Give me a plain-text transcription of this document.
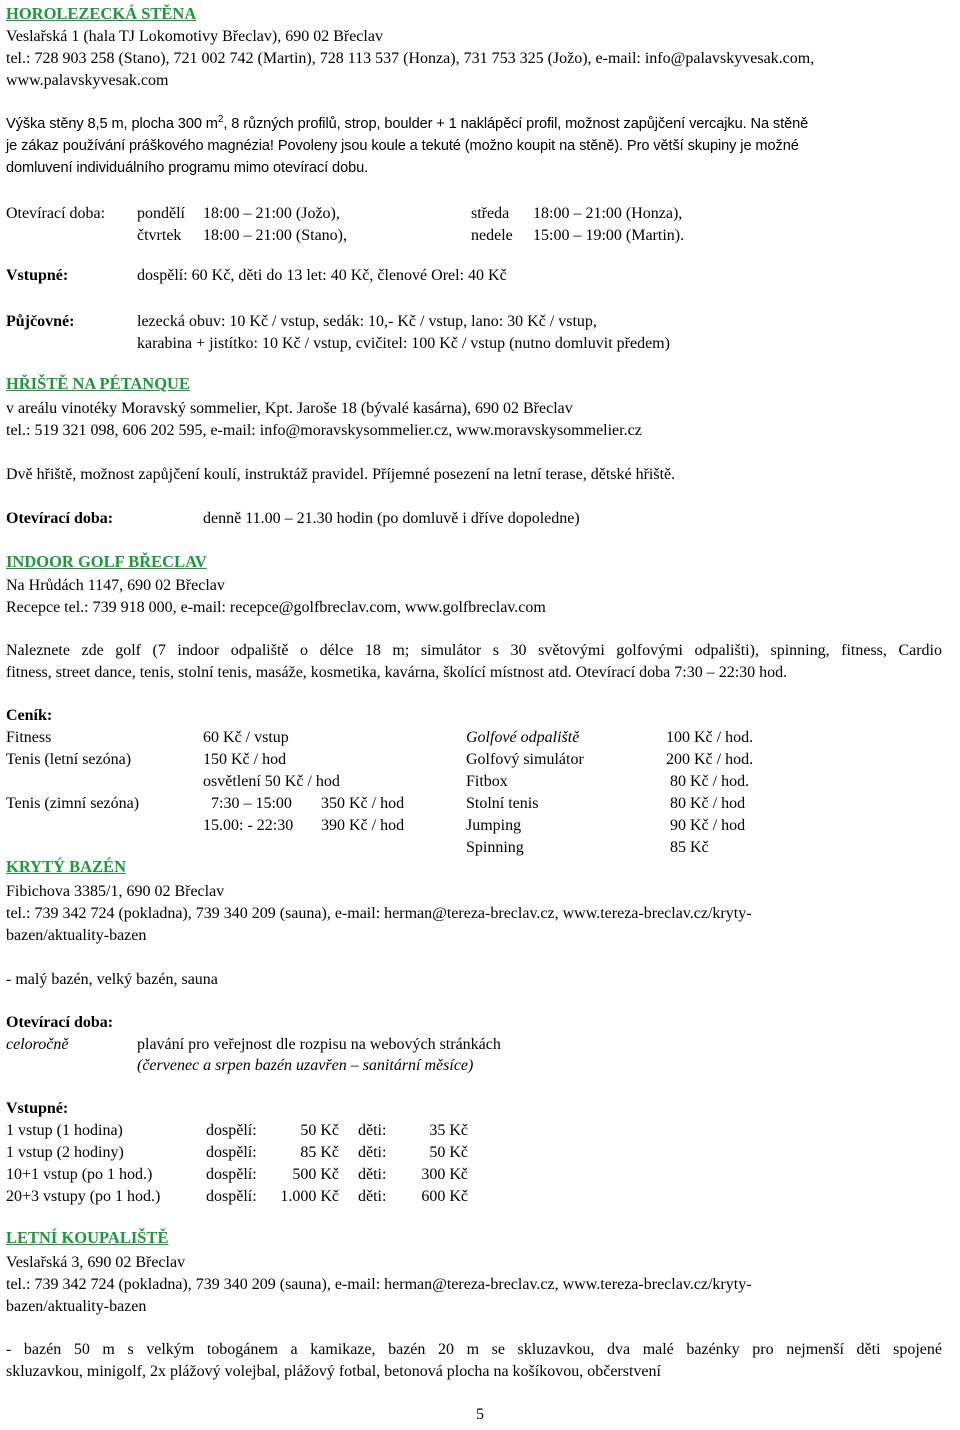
HOROLEZECKÁ STĚNA
Veslařská 1 (hala TJ Lokomotivy Břeclav), 690 02 Břeclav
tel.: 728 903 258 (Stano), 721 002 742 (Martin), 728 113 537 (Honza), 731 753 325 (Jožo), e-mail: info@palavskyvesak.com,
www.palavskyvesak.com
Výška stěny 8,5 m, plocha 300 $m^2$, 8 různých profilů, strop, boulder + 1 naklápěcí profil, možnost zapůjčení vercajku. Na stěně
je zákaz používání práškového magnézia! Povoleny jsou koule a tekuté (možno koupit na stěně). Pro větší skupiny je možné
domluvení individuálního programu mimo otevírací dobu.
Otevírací doba: pondělí 18:00 – 21:00 (Jožo),	středa 18:00 – 21:00 (Honza),
čtvrtek 18:00 – 21:00 (Stano),	nedele 15:00 – 19:00 (Martin).
Vstupné:	dospělí: 60 Kč, děti do 13 let: 40 Kč, členové Orel: 40 Kč
Půjčovné:	lezecká obuv: 10 Kč / vstup, sedák: 10,- Kč / vstup, lano: 30 Kč / vstup,
karabina + jistítko: 10 Kč / vstup, cvičitel: 100 Kč / vstup (nutno domluvit předem)
HŘIŠTĚ NA PÉTANQUE
v areálu vinotéky Moravský sommelier, Kpt. Jaroše 18 (bývalé kasárna), 690 02 Břeclav
tel.: 519 321 098, 606 202 595, e-mail: info@moravskysommelier.cz, www.moravskysommelier.cz
Dvě hřiště, možnost zapůjčení koulí, instruktáž pravidel. Příjemné posezení na letní terase, dětské hřiště.
Otevírací doba:	denně 11.00 – 21.30 hodin (po domluvě i dříve dopoledne)
INDOOR GOLF BŘECLAV
Na Hrůdách 1147, 690 02 Břeclav
Recepce tel.: 739 918 000, e-mail: recepce@golfbreclav.com, www.golfbreclav.com
Naleznete zde golf (7 indoor odpaliště o délce 18 m; simulátor s 30 světovými golfovými odpališti), spinning, fitness, Cardio
fitness, street dance, tenis, stolní tenis, masáže, kosmetika, kavárna, školící místnost atd. Otevírací doba 7:30 – 22:30 hod.
Ceník:
Fitness	60 Kč / vstup
Tenis (letní sezóna)	150 Kč / hod
osvětlení 50 Kč / hod
Tenis (zimní sezóna)	7:30 – 15:00 350 Kč / hod
15.00: - 22:30 390 Kč / hod
Golfové odpaliště	100 Kč / hod.
Golfový simulátor	200 Kč / hod.
Fitbox	80 Kč / hod.
Stolní tenis	80 Kč / hod
Jumping	90 Kč / hod
Spinning	85 Kč
KRYTÝ BAZÉN
Fibichova 3385/1, 690 02 Břeclav
tel.: 739 342 724 (pokladna), 739 340 209 (sauna), e-mail: herman@tereza-breclav.cz, www.tereza-breclav.cz/kryty-
bazen/aktuality-bazen
- malý bazén, velký bazén, sauna
Otevírací doba:
celoročně	plavání pro veřejnost dle rozpisu na webových stránkách
(červenec a srpen bazén uzavřen – sanitární měsíce)
Vstupné:
1 vstup (1 hodina)	dospělí:	50 Kč děti:	35 Kč
1 vstup (2 hodiny)	dospělí:	85 Kč děti:	50 Kč
10+1 vstup (po 1 hod.)	dospělí:	500 Kč děti:	300 Kč
20+3 vstupy (po 1 hod.)	dospělí:	1.000 Kč děti:	600 Kč
LETNÍ KOUPALIŠTĚ
Veslařská 3, 690 02 Břeclav
tel.: 739 342 724 (pokladna), 739 340 209 (sauna), e-mail: herman@tereza-breclav.cz, www.tereza-breclav.cz/kryty-
bazen/aktuality-bazen
- bazén 50 m s velkým tobogánem a kamikaze, bazén 20 m se skluzavkou, dva malé bazénky pro nejmenší děti spojené
skluzavkou, minigolf, 2x plážový volejbal, plážový fotbal, betonová plocha na košíkovou, občerstvení
5
